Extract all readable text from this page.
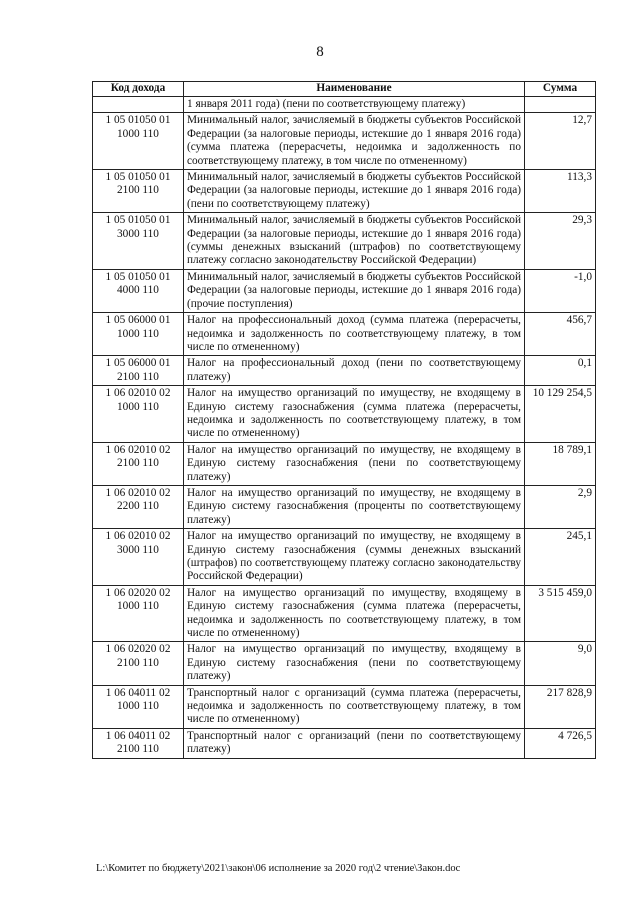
8
Код дохода	Наименование	Сумма
	1 января 2011 года) (пени по соответствующему платежу)	
1 05 01050 01 1000 110	Минимальный налог, зачисляемый в бюджеты субъектов Российской Федерации (за налоговые периоды, истекшие до 1 января 2016 года) (сумма платежа (перерасчеты, недоимка и задолженность по соответствующему платежу, в том числе по отмененному)	12,7
1 05 01050 01 2100 110	Минимальный налог, зачисляемый в бюджеты субъектов Российской Федерации (за налоговые периоды, истекшие до 1 января 2016 года) (пени по соответствующему платежу)	113,3
1 05 01050 01 3000 110	Минимальный налог, зачисляемый в бюджеты субъектов Российской Федерации (за налоговые периоды, истекшие до 1 января 2016 года) (суммы денежных взысканий (штрафов) по соответствующему платежу согласно законодательству Российской Федерации)	29,3
1 05 01050 01 4000 110	Минимальный налог, зачисляемый в бюджеты субъектов Российской Федерации (за налоговые периоды, истекшие до 1 января 2016 года) (прочие поступления)	-1,0
1 05 06000 01 1000 110	Налог на профессиональный доход (сумма платежа (перерасчеты, недоимка и задолженность по соответствующему платежу, в том числе по отмененному)	456,7
1 05 06000 01 2100 110	Налог на профессиональный доход (пени по соответствующему платежу)	0,1
1 06 02010 02 1000 110	Налог на имущество организаций по имуществу, не входящему в Единую систему газоснабжения (сумма платежа (перерасчеты, недоимка и задолженность по соответствующему платежу, в том числе по отмененному)	10 129 254,5
1 06 02010 02 2100 110	Налог на имущество организаций по имуществу, не входящему в Единую систему газоснабжения (пени по соответствующему платежу)	18 789,1
1 06 02010 02 2200 110	Налог на имущество организаций по имуществу, не входящему в Единую систему газоснабжения (проценты по соответствующему платежу)	2,9
1 06 02010 02 3000 110	Налог на имущество организаций по имуществу, не входящему в Единую систему газоснабжения (суммы денежных взысканий (штрафов) по соответствующему платежу согласно законодательству Российской Федерации)	245,1
1 06 02020 02 1000 110	Налог на имущество организаций по имуществу, входящему в Единую систему газоснабжения (сумма платежа (перерасчеты, недоимка и задолженность по соответствующему платежу, в том числе по отмененному)	3 515 459,0
1 06 02020 02 2100 110	Налог на имущество организаций по имуществу, входящему в Единую систему газоснабжения (пени по соответствующему платежу)	9,0
1 06 04011 02 1000 110	Транспортный налог с организаций (сумма платежа (перерасчеты, недоимка и задолженность по соответствующему платежу, в том числе по отмененному)	217 828,9
1 06 04011 02 2100 110	Транспортный налог с организаций (пени по соответствующему платежу)	4 726,5
L:\Комитет по бюджету\2021\закон\06 исполнение за 2020 год\2 чтение\Закон.doc
